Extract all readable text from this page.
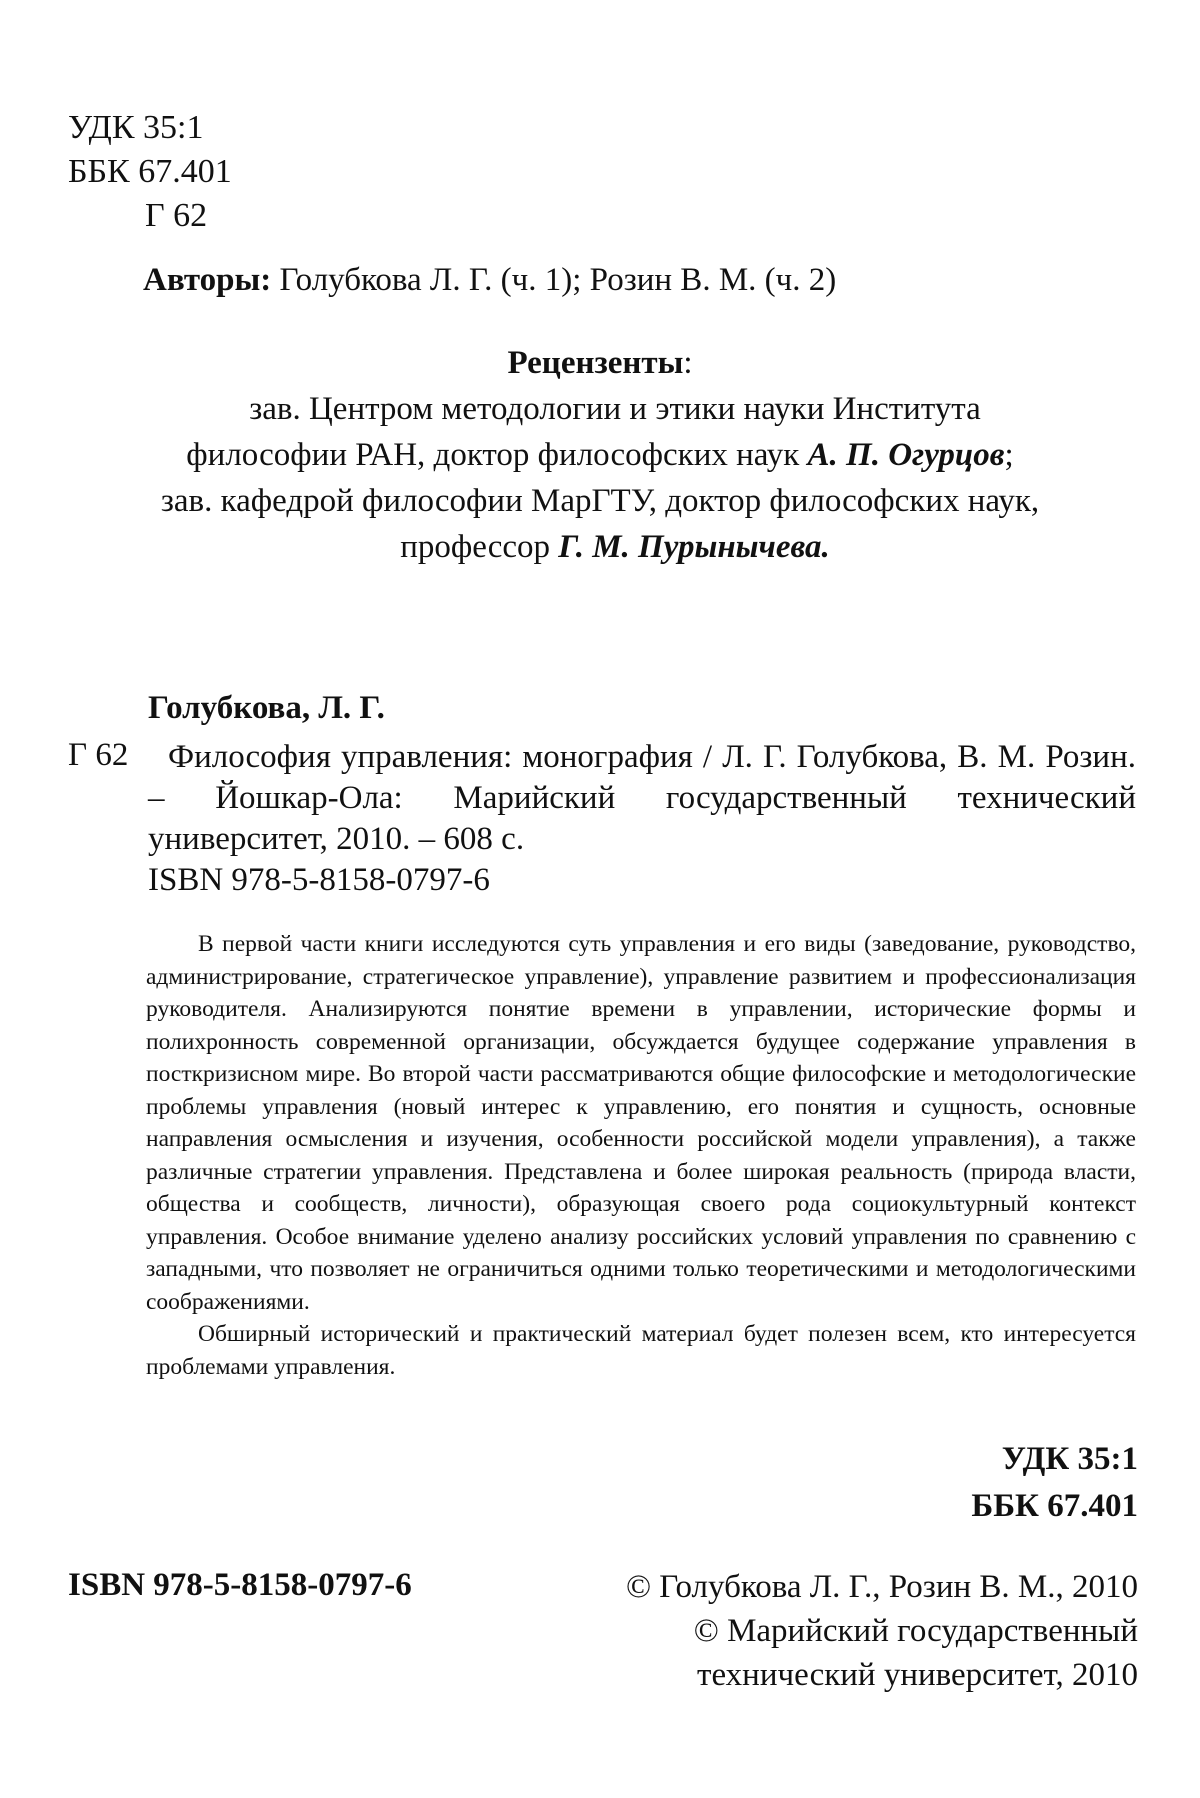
УДК 35:1
ББК 67.401
Г 62
Авторы: Голубкова Л. Г. (ч. 1); Розин В. М. (ч. 2)
Рецензенты:
зав. Центром методологии и этики науки Института
философии РАН, доктор философских наук А. П. Огурцов;
зав. кафедрой философии МарГТУ, доктор философских наук,
профессор Г. М. Пурынычева.
Голубкова, Л. Г.
Г 62	Философия управления: монография / Л. Г. Голубкова, В. М. Розин. – Йошкар-Ола: Марийский государственный технический университет, 2010. – 608 с.
ISBN 978-5-8158-0797-6

В первой части книги исследуются суть управления и его виды (заведование, руководство, администрирование, стратегическое управление), управление развитием и профессионализация руководителя. Анализируются понятие времени в управлении, исторические формы и полихронность современной организации, обсуждается будущее содержание управления в посткризисном мире. Во второй части рассматриваются общие философские и методологические проблемы управления (новый интерес к управлению, его понятия и сущность, основные направления осмысления и изучения, особенности российской модели управления), а также различные стратегии управления. Представлена и более широкая реальность (природа власти, общества и сообществ, личности), образующая своего рода социокультурный контекст управления. Особое внимание уделено анализу российских условий управления по сравнению с западными, что позволяет не ограничиться одними только теоретическими и методологическими соображениями.

Обширный исторический и практический материал будет полезен всем, кто интересуется проблемами управления.

УДК 35:1
ББК 67.401
ISBN 978-5-8158-0797-6	© Голубкова Л. Г., Розин В. М., 2010
© Марийский государственный
технический университет, 2010
